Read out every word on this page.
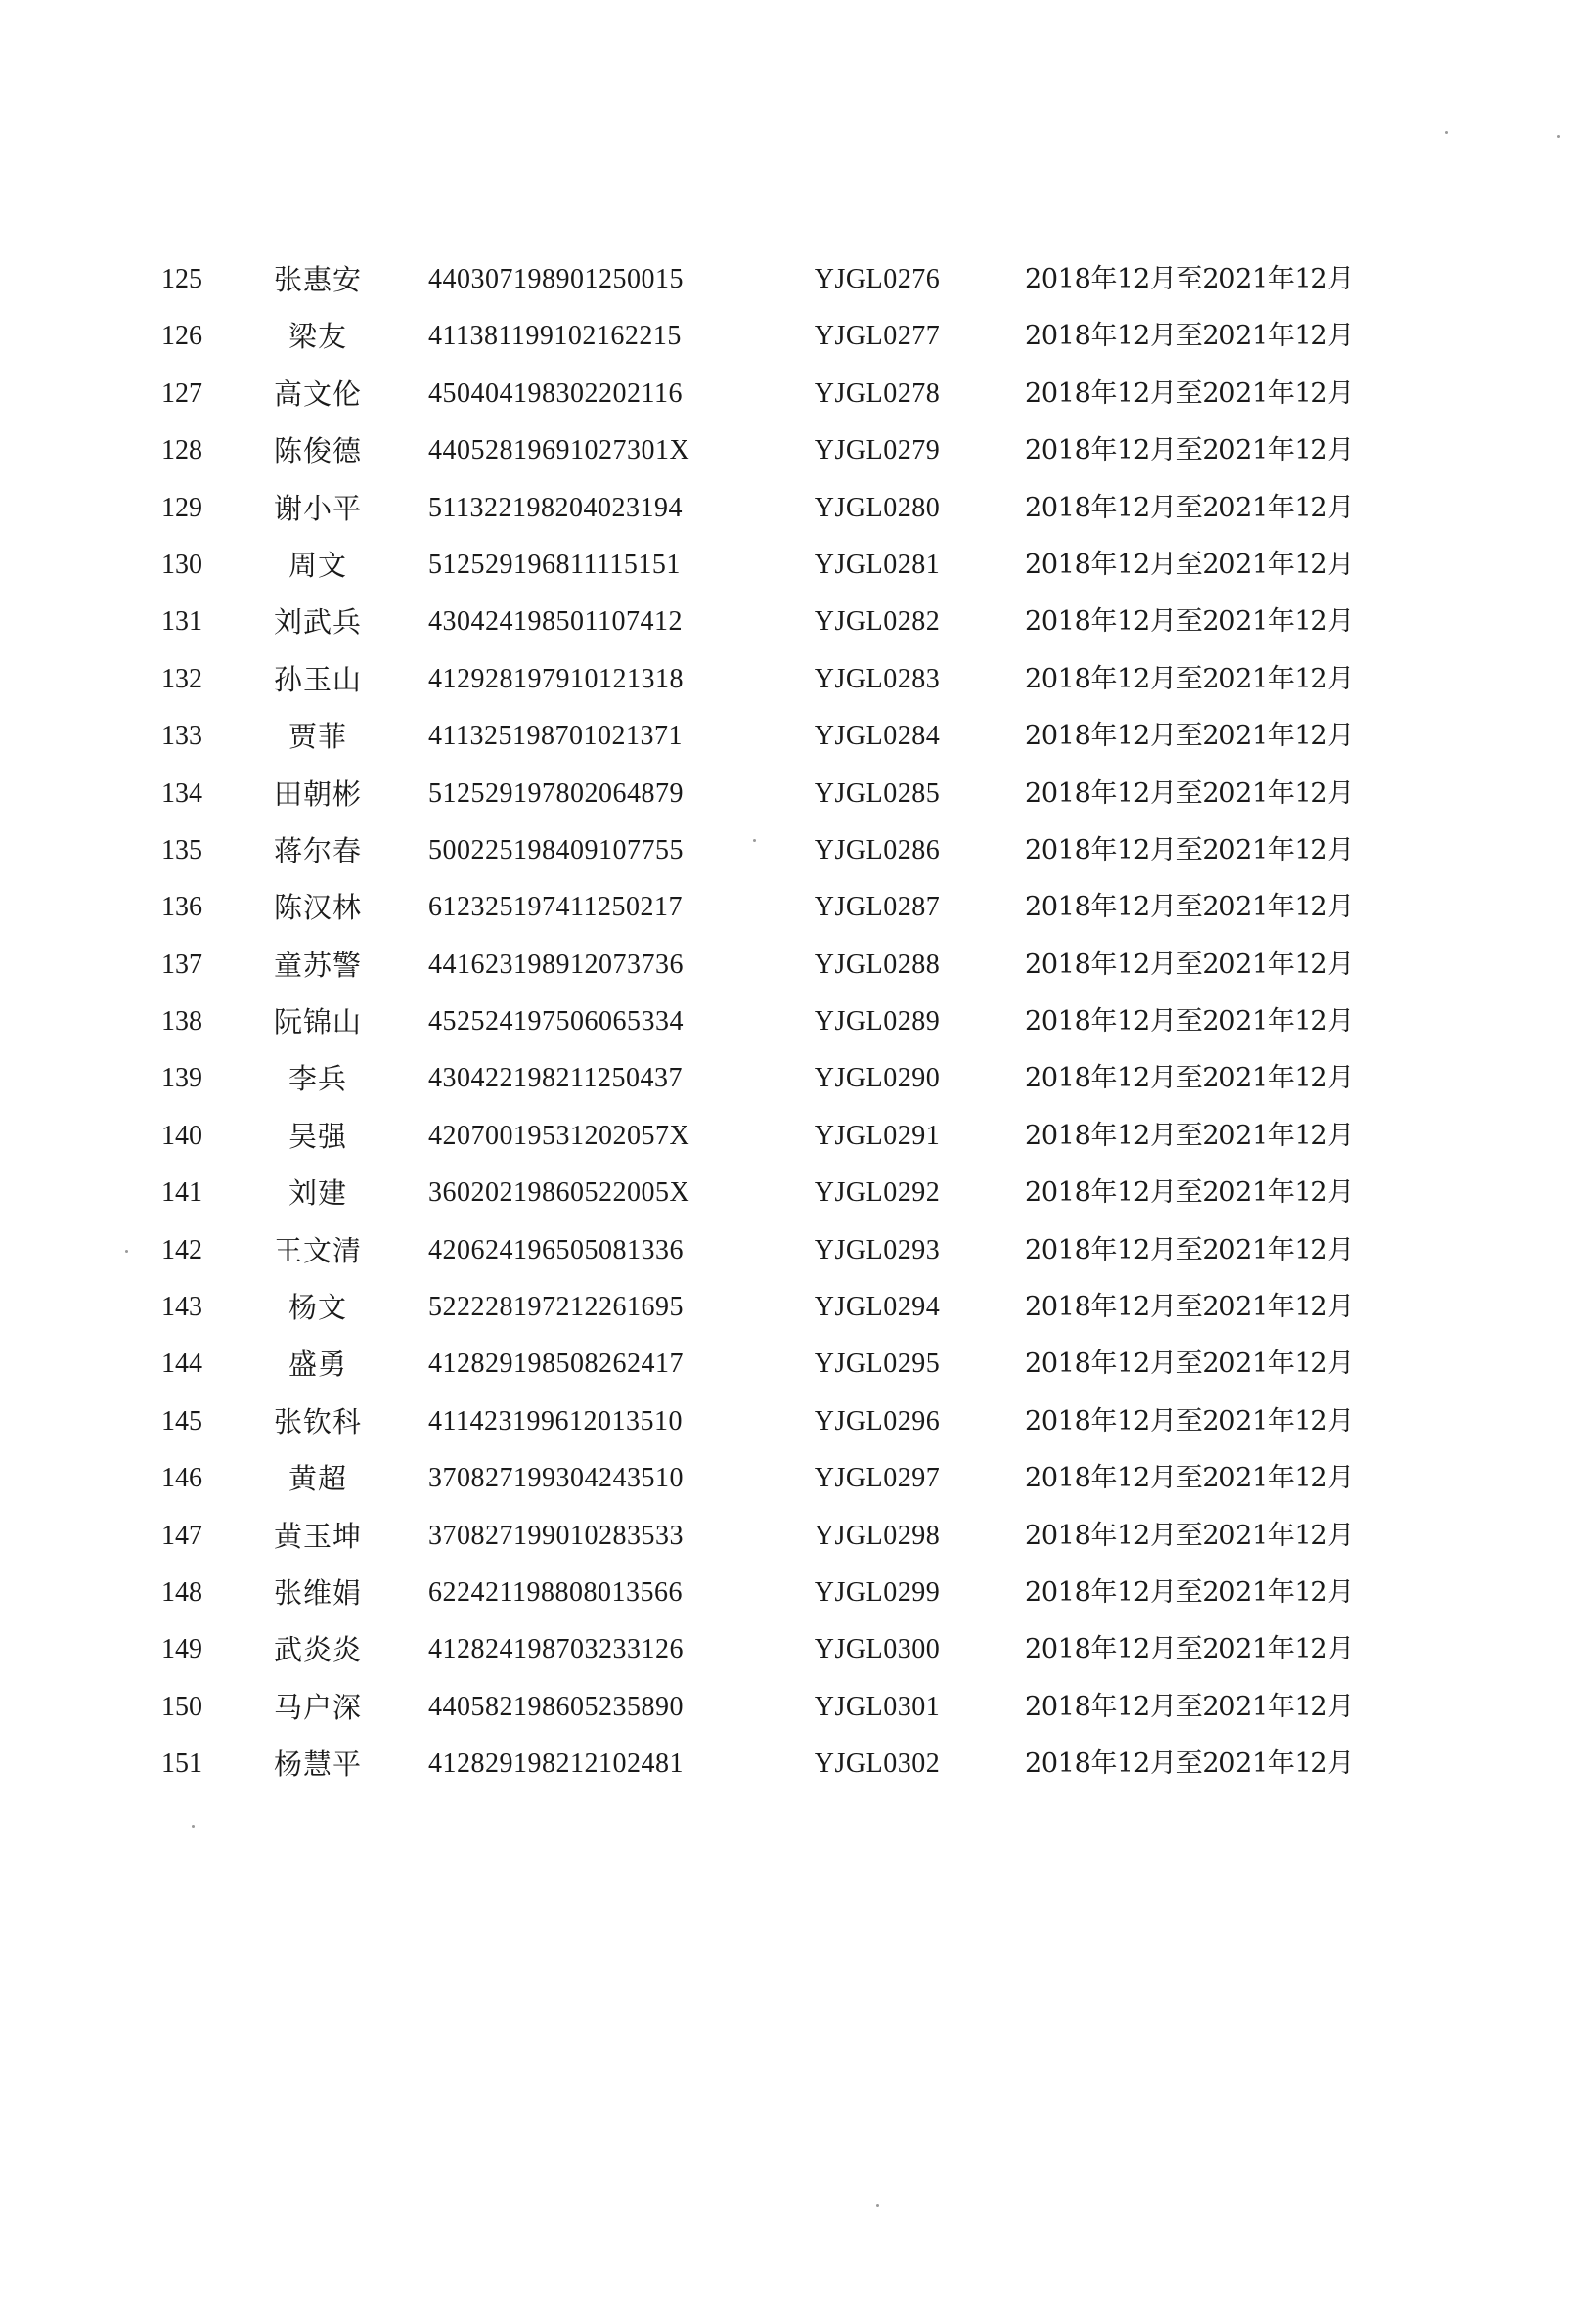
125	张惠安	440307198901250015	YJGL0276	2018年12月至2021年12月
126	梁友	411381199102162215	YJGL0277	2018年12月至2021年12月
127	高文伦	450404198302202116	YJGL0278	2018年12月至2021年12月
128	陈俊德	44052819691027301X	YJGL0279	2018年12月至2021年12月
129	谢小平	511322198204023194	YJGL0280	2018年12月至2021年12月
130	周文	512529196811115151	YJGL0281	2018年12月至2021年12月
131	刘武兵	430424198501107412	YJGL0282	2018年12月至2021年12月
132	孙玉山	412928197910121318	YJGL0283	2018年12月至2021年12月
133	贾菲	411325198701021371	YJGL0284	2018年12月至2021年12月
134	田朝彬	512529197802064879	YJGL0285	2018年12月至2021年12月
135	蒋尔春	500225198409107755	YJGL0286	2018年12月至2021年12月
136	陈汉林	612325197411250217	YJGL0287	2018年12月至2021年12月
137	童苏警	441623198912073736	YJGL0288	2018年12月至2021年12月
138	阮锦山	452524197506065334	YJGL0289	2018年12月至2021年12月
139	李兵	430422198211250437	YJGL0290	2018年12月至2021年12月
140	吴强	42070019531202057X	YJGL0291	2018年12月至2021年12月
141	刘建	36020219860522005X	YJGL0292	2018年12月至2021年12月
142	王文清	420624196505081336	YJGL0293	2018年12月至2021年12月
143	杨文	522228197212261695	YJGL0294	2018年12月至2021年12月
144	盛勇	412829198508262417	YJGL0295	2018年12月至2021年12月
145	张钦科	411423199612013510	YJGL0296	2018年12月至2021年12月
146	黄超	370827199304243510	YJGL0297	2018年12月至2021年12月
147	黄玉坤	370827199010283533	YJGL0298	2018年12月至2021年12月
148	张维娟	622421198808013566	YJGL0299	2018年12月至2021年12月
149	武炎炎	412824198703233126	YJGL0300	2018年12月至2021年12月
150	马户深	440582198605235890	YJGL0301	2018年12月至2021年12月
151	杨慧平	412829198212102481	YJGL0302	2018年12月至2021年12月
